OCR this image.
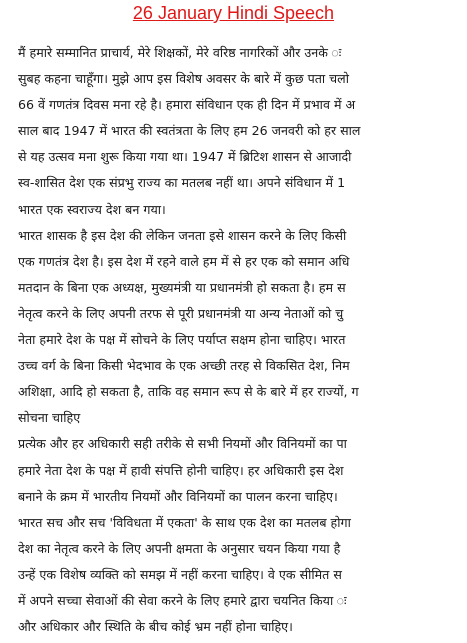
26 January Hindi Speech
मैं हमारे सम्मानित प्राचार्य, मेरे शिक्षकों, मेरे वरिष्ठ नागरिकों और उनके ः
सुबह कहना चाहूँगा। मुझे आप इस विशेष अवसर के बारे में कुछ पता चलो
66 वें गणतंत्र दिवस मना रहे है। हमारा संविधान एक ही दिन में प्रभाव में अ
साल बाद 1947 में भारत की स्वतंत्रता के लिए हम 26 जनवरी को हर साल
से यह उत्सव मना शुरू किया गया था। 1947 में ब्रिटिश शासन से आजादी
स्व-शासित देश एक संप्रभु राज्य का मतलब नहीं था। अपने संविधान में 1
भारत एक स्वराज्य देश बन गया।
भारत शासक है इस देश की लेकिन जनता इसे शासन करने के लिए किसी
एक गणतंत्र देश है। इस देश में रहने वाले हम में से हर एक को समान अधि
मतदान के बिना एक अध्यक्ष, मुख्यमंत्री या प्रधानमंत्री हो सकता है। हम स
नेतृत्व करने के लिए अपनी तरफ से पूरी प्रधानमंत्री या अन्य नेताओं को चु
नेता हमारे देश के पक्ष में सोचने के लिए पर्याप्त सक्षम होना चाहिए। भारत
उच्च वर्ग के बिना किसी भेदभाव के एक अच्छी तरह से विकसित देश, निम
अशिक्षा, आदि हो सकता है, ताकि वह समान रूप से के बारे में हर राज्यों, ग
सोचना चाहिए
प्रत्येक और हर अधिकारी सही तरीके से सभी नियमों और विनियमों का पा
हमारे नेता देश के पक्ष में हावी संपत्ति होनी चाहिए। हर अधिकारी इस देश
बनाने के क्रम में भारतीय नियमों और विनियमों का पालन करना चाहिए।
भारत सच और सच 'विविधता में एकता' के साथ एक देश का मतलब होगा
देश का नेतृत्व करने के लिए अपनी क्षमता के अनुसार चयन किया गया है
उन्हें एक विशेष व्यक्ति को समझ में नहीं करना चाहिए। वे एक सीमित स
में अपने सच्चा सेवाओं की सेवा करने के लिए हमारे द्वारा चयनित किया ः
और अधिकार और स्थिति के बीच कोई भ्रम नहीं होना चाहिए।
